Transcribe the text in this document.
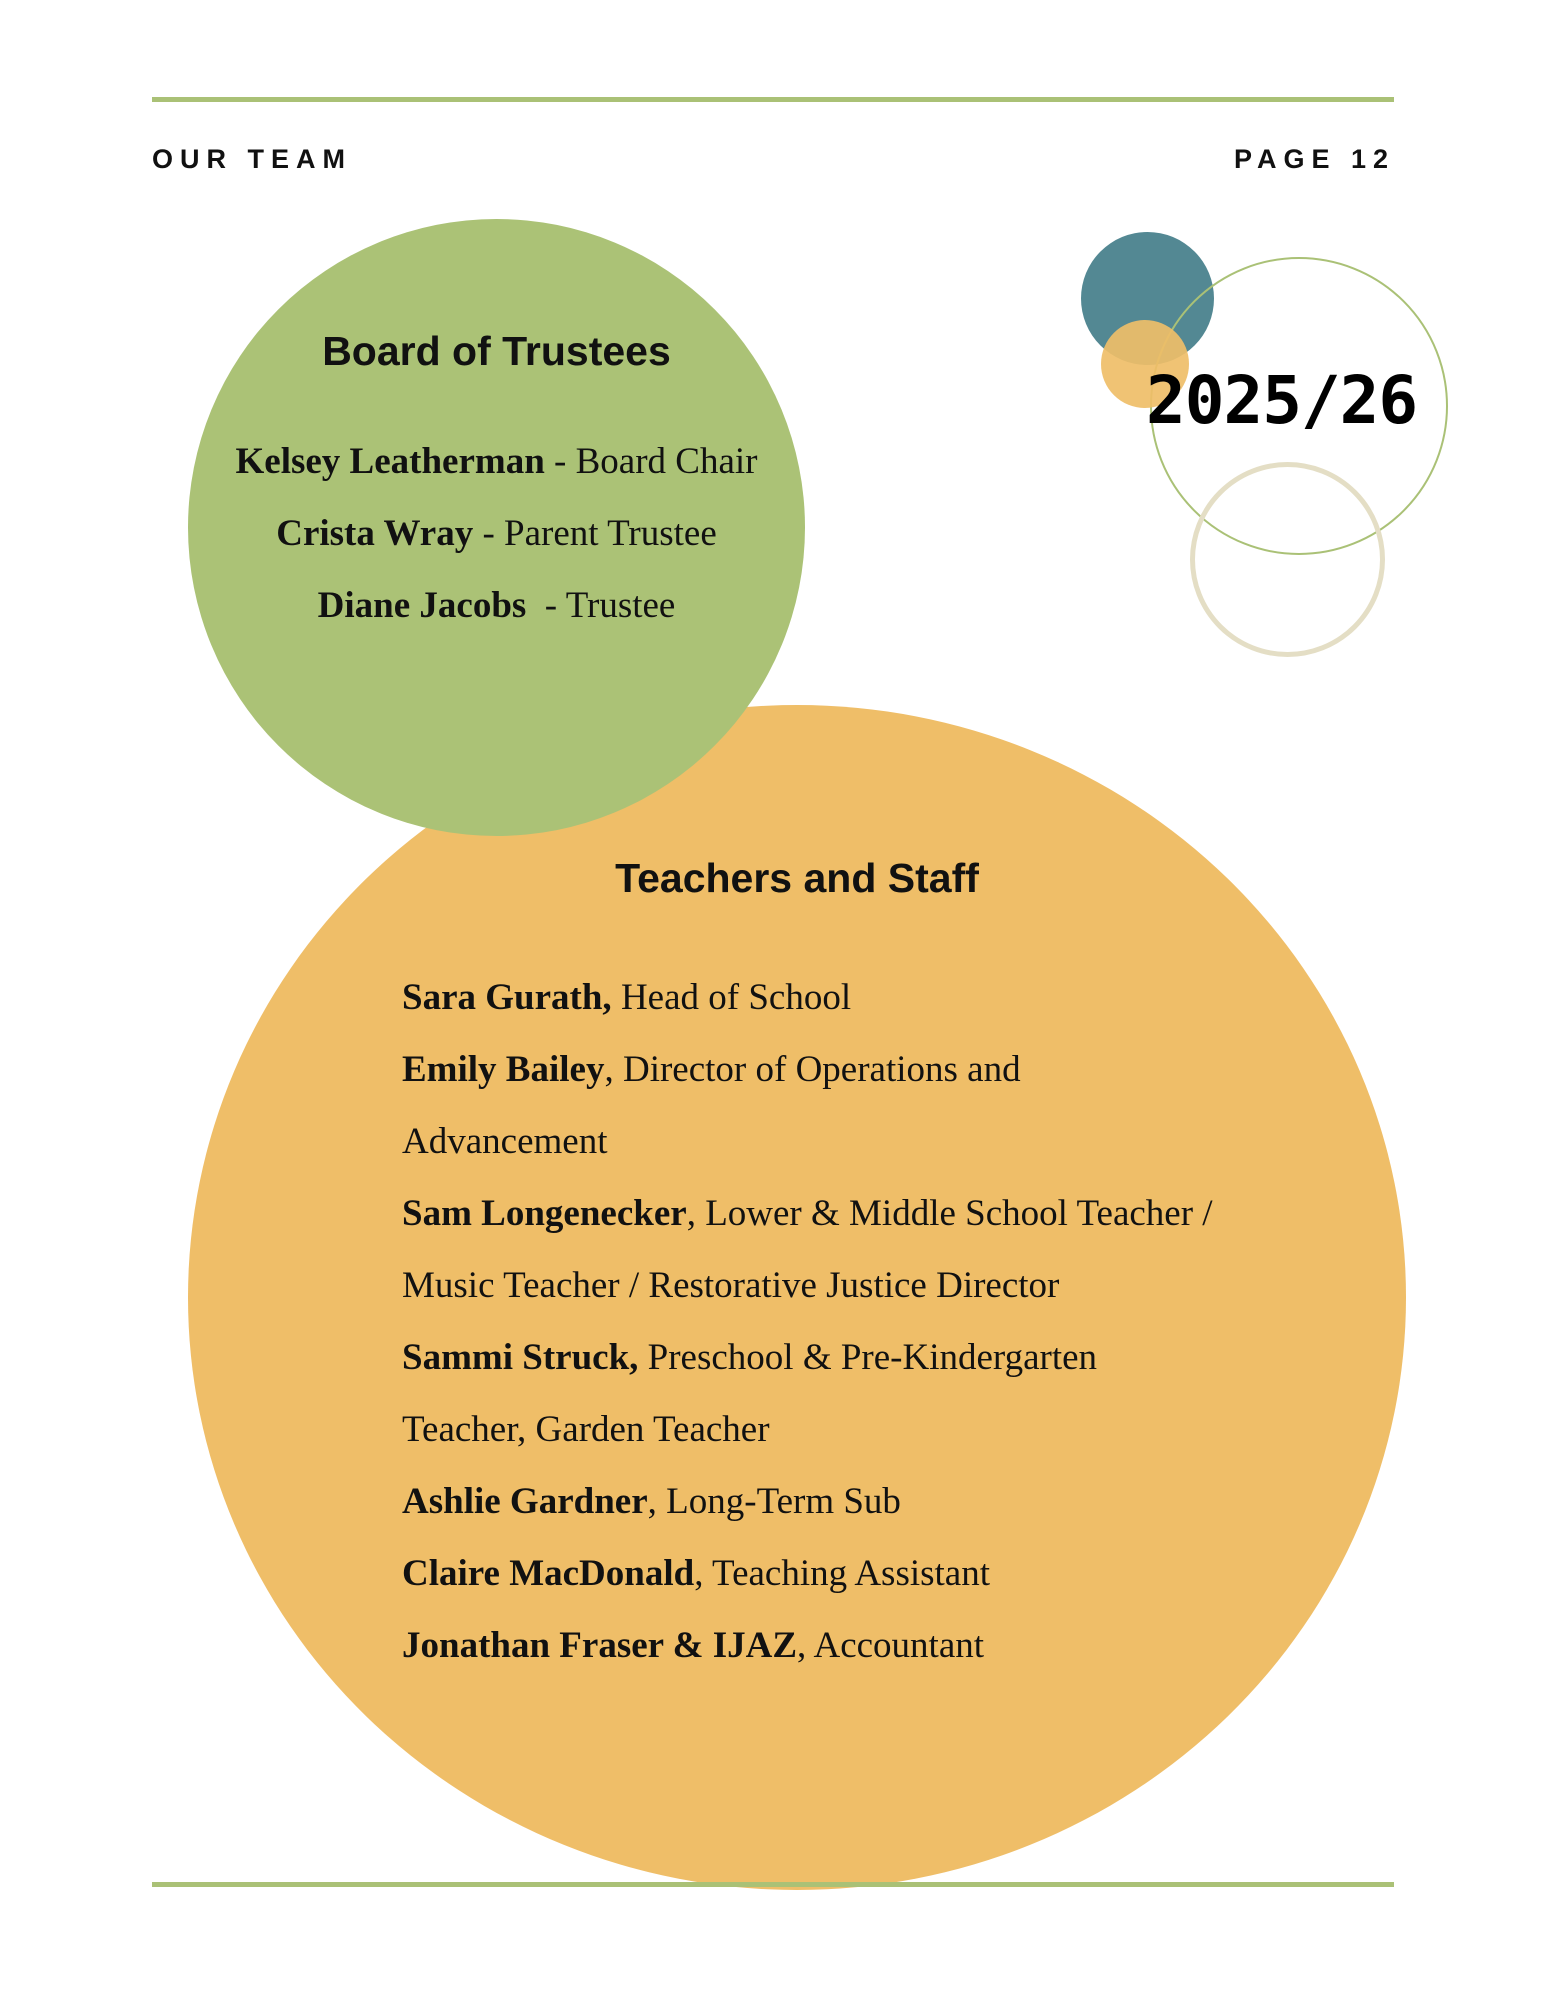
OUR TEAM	PAGE 12
2025/26
Board of Trustees
Kelsey Leatherman - Board Chair
Crista Wray - Parent Trustee
Diane Jacobs  - Trustee
Teachers and Staff
Sara Gurath, Head of School
Emily Bailey, Director of Operations and Advancement
Sam Longenecker, Lower & Middle School Teacher / Music Teacher / Restorative Justice Director
Sammi Struck, Preschool & Pre-Kindergarten Teacher, Garden Teacher
Ashlie Gardner, Long-Term Sub
Claire MacDonald, Teaching Assistant
Jonathan Fraser & IJAZ, Accountant
